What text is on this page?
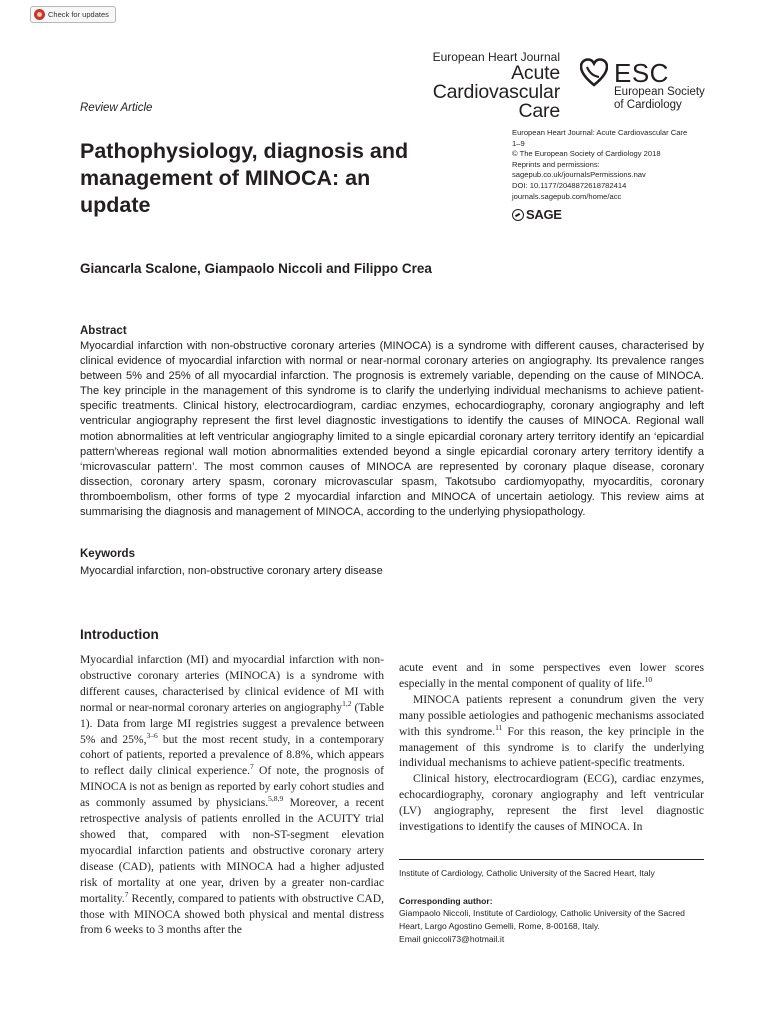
Check for updates
Review Article
European Heart Journal
Acute
Cardiovascular
Care
ESC
European Society
of Cardiology
Pathophysiology, diagnosis and management of MINOCA: an update
European Heart Journal: Acute Cardiovascular Care
1–9
© The European Society of Cardiology 2018
Reprints and permissions:
sagepub.co.uk/journalsPermissions.nav
DOI: 10.1177/2048872618782414
journals.sagepub.com/home/acc
SAGE
Giancarla Scalone, Giampaolo Niccoli and Filippo Crea
Abstract

Myocardial infarction with non-obstructive coronary arteries (MINOCA) is a syndrome with different causes, characterised by clinical evidence of myocardial infarction with normal or near-normal coronary arteries on angiography. Its prevalence ranges between 5% and 25% of all myocardial infarction. The prognosis is extremely variable, depending on the cause of MINOCA. The key principle in the management of this syndrome is to clarify the underlying individual mechanisms to achieve patient-specific treatments. Clinical history, electrocardiogram, cardiac enzymes, echocardiography, coronary angiography and left ventricular angiography represent the first level diagnostic investigations to identify the causes of MINOCA. Regional wall motion abnormalities at left ventricular angiography limited to a single epicardial coronary artery territory identify an ‘epicardial pattern’whereas regional wall motion abnormalities extended beyond a single epicardial coronary artery territory identify a ‘microvascular pattern’. The most common causes of MINOCA are represented by coronary plaque disease, coronary dissection, coronary artery spasm, coronary microvascular spasm, Takotsubo cardiomyopathy, myocarditis, coronary thromboembolism, other forms of type 2 myocardial infarction and MINOCA of uncertain aetiology. This review aims at summarising the diagnosis and management of MINOCA, according to the underlying physiopathology.

Keywords
Myocardial infarction, non-obstructive coronary artery disease
Introduction

Myocardial infarction (MI) and myocardial infarction with non-obstructive coronary arteries (MINOCA) is a syndrome with different causes, characterised by clinical evidence of MI with normal or near-normal coronary arteries on angiography$^{1,2}$ (Table 1). Data from large MI registries suggest a prevalence between 5% and 25%,$^{3-6}$ but the most recent study, in a contemporary cohort of patients, reported a prevalence of 8.8%, which appears to reflect daily clinical experience.$^7$ Of note, the prognosis of MINOCA is not as benign as reported by early cohort studies and as commonly assumed by physicians.$^{5,8,9}$ Moreover, a recent retrospective analysis of patients enrolled in the ACUITY trial showed that, compared with non-ST-segment elevation myocardial infarction patients and obstructive coronary artery disease (CAD), patients with MINOCA had a higher adjusted risk of mortality at one year, driven by a greater non-cardiac mortality.$^7$ Recently, compared to patients with obstructive CAD, those with MINOCA showed both physical and mental distress from 6 weeks to 3 months after the

acute event and in some perspectives even lower scores especially in the mental component of quality of life.$^{10}$

MINOCA patients represent a conundrum given the very many possible aetiologies and pathogenic mechanisms associated with this syndrome.$^{11}$ For this reason, the key principle in the management of this syndrome is to clarify the underlying individual mechanisms to achieve patient-specific treatments.

Clinical history, electrocardiogram (ECG), cardiac enzymes, echocardiography, coronary angiography and left ventricular (LV) angiography, represent the first level diagnostic investigations to identify the causes of MINOCA. In

Institute of Cardiology, Catholic University of the Sacred Heart, Italy
Corresponding author:
Giampaolo Niccoli, Institute of Cardiology, Catholic University of the Sacred Heart, Largo Agostino Gemelli, Rome, 8-00168, Italy.
Email gniccoli73@hotmail.it
